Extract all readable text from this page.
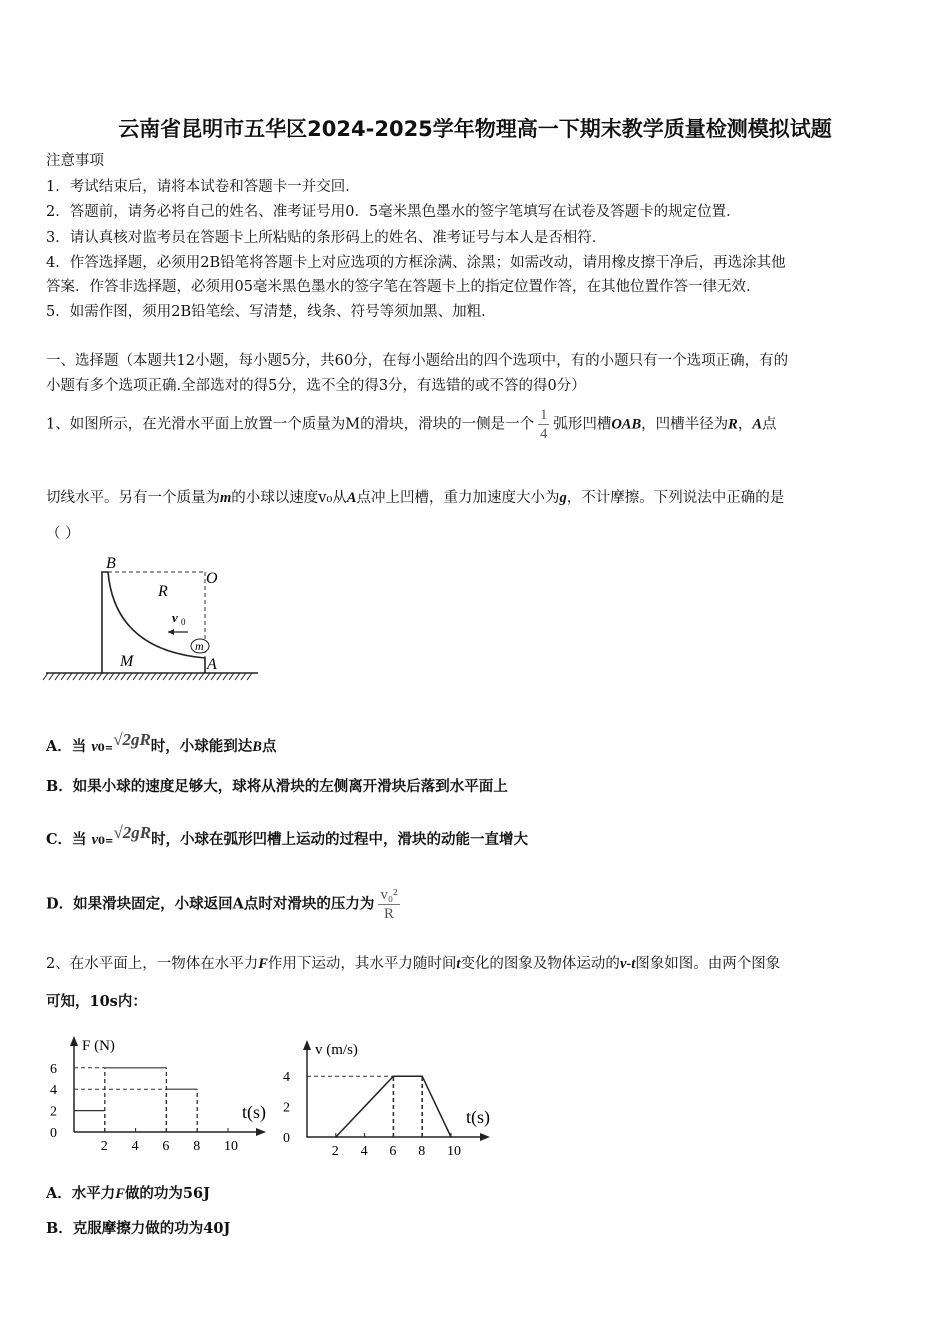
云南省昆明市五华区2024-2025学年物理高一下期末教学质量检测模拟试题
注意事项
1．考试结束后，请将本试卷和答题卡一并交回．
2．答题前，请务必将自己的姓名、准考证号用0．5毫米黑色墨水的签字笔填写在试卷及答题卡的规定位置．
3．请认真核对监考员在答题卡上所粘贴的条形码上的姓名、准考证号与本人是否相符．
4．作答选择题，必须用2B铅笔将答题卡上对应选项的方框涂满、涂黑；如需改动，请用橡皮擦干净后，再选涂其他
答案．作答非选择题，必须用05毫米黑色墨水的签字笔在答题卡上的指定位置作答，在其他位置作答一律无效．
5．如需作图，须用2B铅笔绘、写清楚，线条、符号等须加黑、加粗．
一、选择题（本题共12小题，每小题5分，共60分，在每小题给出的四个选项中，有的小题只有一个选项正确，有的
小题有多个选项正确.全部选对的得5分，选不全的得3分，有选错的或不答的得0分）
1、如图所示，在光滑水平面上放置一个质量为M的滑块，滑块的一侧是一个 $\frac{1}{4}$ 弧形凹槽OAB，凹槽半径为R，A点
切线水平。另有一个质量为m的小球以速度v₀从A点冲上凹槽，重力加速度大小为g，不计摩擦。下列说法中正确的是
（ ）
B
O
R
v 0
m
M	A
A．当 v0=√2gR时，小球能到达B点
B．如果小球的速度足够大，球将从滑块的左侧离开滑块后落到水平面上
C．当 v0=√2gR时，小球在弧形凹槽上运动的过程中，滑块的动能一直增大
D．如果滑块固定，小球返回A点时对滑块的压力为 $\frac{\text{v₀²}}{R}$
2、在水平面上，一物体在水平力F作用下运动，其水平力随时间t变化的图象及物体运动的v-t图象如图。由两个图象
可知，10s内：
2 4 6 8 10
0
2
4
6
F (N)
t(s)
2 4 6 8 10
0
2
4
v (m/s)
t(s)
A．水平力F做的功为56J
B．克服摩擦力做的功为40J
